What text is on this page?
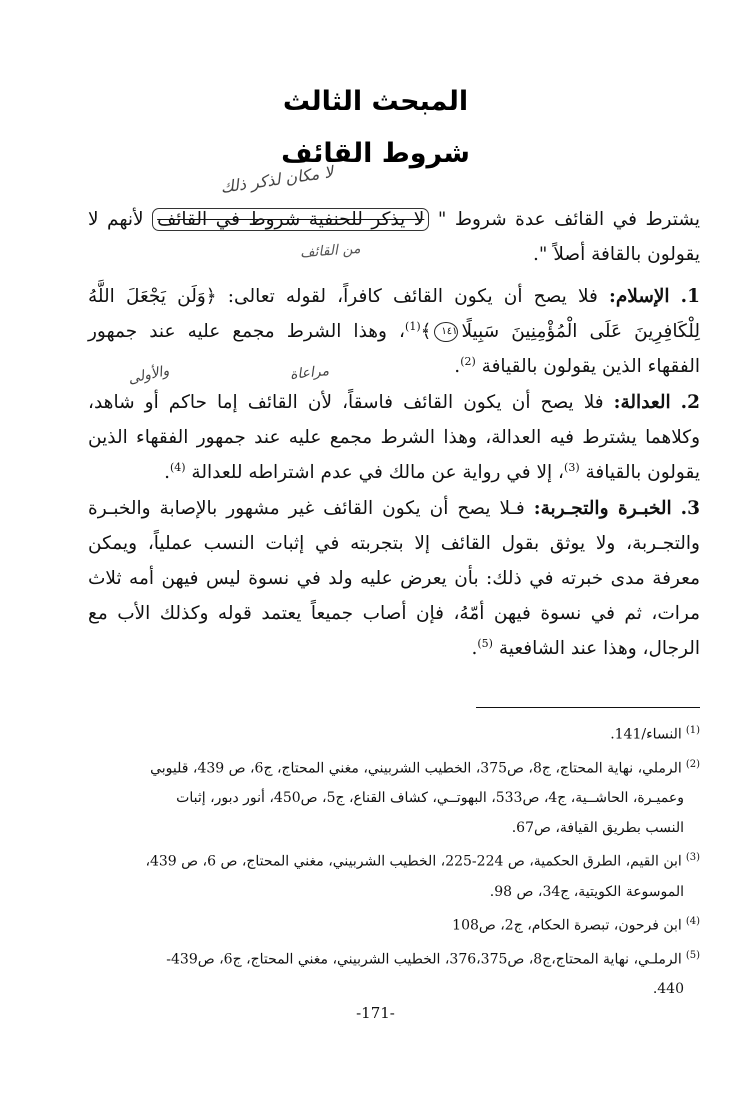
المبحث الثالث
شروط القائف
لا مكان لذكر ذلك
من القائف
والأولى	مراعاة

يشترط في القائف عدة شروط " لا يذكر للحنفية شروط في القائف لأنهم لا يقولون بالقافة أصلاً ".

1. الإسلام: فلا يصح أن يكون القائف كافراً، لقوله تعالى: ﴿وَلَن يَجْعَلَ اللَّهُ لِلْكَافِرِينَ عَلَى الْمُؤْمِنِينَ سَبِيلًا١٤١﴾$^{(1)}$، وهذا الشرط مجمع عليه عند جمهور الفقهاء الذين يقولون بالقيافة $^{(2)}$.

2. العدالة: فلا يصح أن يكون القائف فاسقاً، لأن القائف إما حاكم أو شاهد، وكلاهما يشترط فيه العدالة، وهذا الشرط مجمع عليه عند جمهور الفقهاء الذين يقولون بالقيافة $^{(3)}$، إلا في رواية عن مالك في عدم اشتراطه للعدالة $^{(4)}$.

3. الخبـرة والتجـربة: فـلا يصح أن يكون القائف غير مشهور بالإصابة والخبـرة والتجـربة، ولا يوثق بقول القائف إلا بتجربته في إثبات النسب عملياً، ويمكن معرفة مدى خبرته في ذلك: بأن يعرض عليه ولد في نسوة ليس فيهن أمه ثلاث مرات، ثم في نسوة فيهن أمّهُ، فإن أصاب جميعاً يعتمد قوله وكذلك الأب مع الرجال، وهذا عند الشافعية $^{(5)}$.

$^{(1)}$النساء/141.
$^{(2)}$الرملي، نهاية المحتاج، ج8، ص375، الخطيب الشربيني، مغني المحتاج، ج6، ص 439، قليوبي
وعميـرة، الحاشــية، ج4، ص533، البهوتــي، كشاف القناع، ج5، ص450، أنور دبور، إثبات
النسب بطريق القيافة، ص67.
$^{(3)}$ابن القيم، الطرق الحكمية، ص 224-225، الخطيب الشربيني، مغني المحتاج، ص 6، ص 439،
الموسوعة الكويتية، ج34، ص 98.
$^{(4)}$ابن فرحون، تبصرة الحكام، ج2، ص108
$^{(5)}$الرملـي، نهاية المحتاج،ج8، ص376،375، الخطيب الشربيني، مغني المحتاج، ج6، ص439-
440.
-171-
